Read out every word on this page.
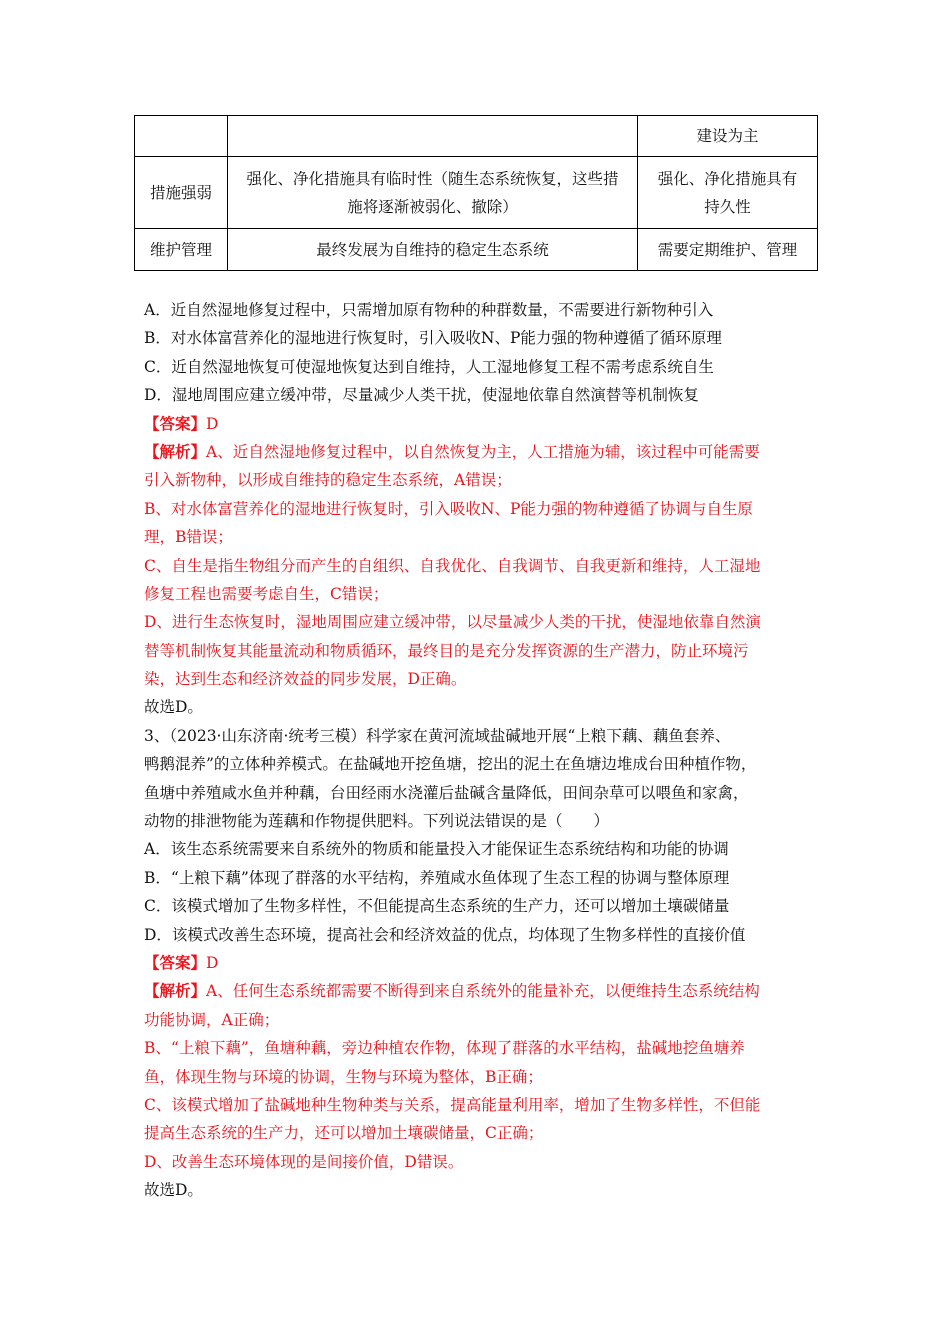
		建设为主
措施强弱	强化、净化措施具有临时性（随生态系统恢复，这些措施将逐渐被弱化、撤除）	强化、净化措施具有持久性
维护管理	最终发展为自维持的稳定生态系统	需要定期维护、管理
A．近自然湿地修复过程中，只需增加原有物种的种群数量，不需要进行新物种引入
B．对水体富营养化的湿地进行恢复时，引入吸收N、P能力强的物种遵循了循环原理
C．近自然湿地恢复可使湿地恢复达到自维持，人工湿地修复工程不需考虑系统自生
D．湿地周围应建立缓冲带，尽量减少人类干扰，使湿地依靠自然演替等机制恢复
【答案】D
【解析】A、近自然湿地修复过程中，以自然恢复为主，人工措施为辅，该过程中可能需要
引入新物种，以形成自维持的稳定生态系统，A错误；
B、对水体富营养化的湿地进行恢复时，引入吸收N、P能力强的物种遵循了协调与自生原
理，B错误；
C、自生是指生物组分而产生的自组织、自我优化、自我调节、自我更新和维持，人工湿地
修复工程也需要考虑自生，C错误；
D、进行生态恢复时，湿地周围应建立缓冲带，以尽量减少人类的干扰，使湿地依靠自然演
替等机制恢复其能量流动和物质循环，最终目的是充分发挥资源的生产潜力，防止环境污
染，达到生态和经济效益的同步发展，D正确。
故选D。
3、（2023·山东济南·统考三模）科学家在黄河流域盐碱地开展“上粮下藕、藕鱼套养、
鸭鹅混养”的立体种养模式。在盐碱地开挖鱼塘，挖出的泥土在鱼塘边堆成台田种植作物，
鱼塘中养殖咸水鱼并种藕，台田经雨水浇灌后盐碱含量降低，田间杂草可以喂鱼和家禽，
动物的排泄物能为莲藕和作物提供肥料。下列说法错误的是（　　）
A．该生态系统需要来自系统外的物质和能量投入才能保证生态系统结构和功能的协调
B．“上粮下藕”体现了群落的水平结构，养殖咸水鱼体现了生态工程的协调与整体原理
C．该模式增加了生物多样性，不但能提高生态系统的生产力，还可以增加土壤碳储量
D．该模式改善生态环境，提高社会和经济效益的优点，均体现了生物多样性的直接价值
【答案】D
【解析】A、任何生态系统都需要不断得到来自系统外的能量补充，以便维持生态系统结构
功能协调，A正确；
B、“上粮下藕”，鱼塘种藕，旁边种植农作物，体现了群落的水平结构，盐碱地挖鱼塘养
鱼，体现生物与环境的协调，生物与环境为整体，B正确；
C、该模式增加了盐碱地种生物种类与关系，提高能量利用率，增加了生物多样性，不但能
提高生态系统的生产力，还可以增加土壤碳储量，C正确；
D、改善生态环境体现的是间接价值，D错误。
故选D。
